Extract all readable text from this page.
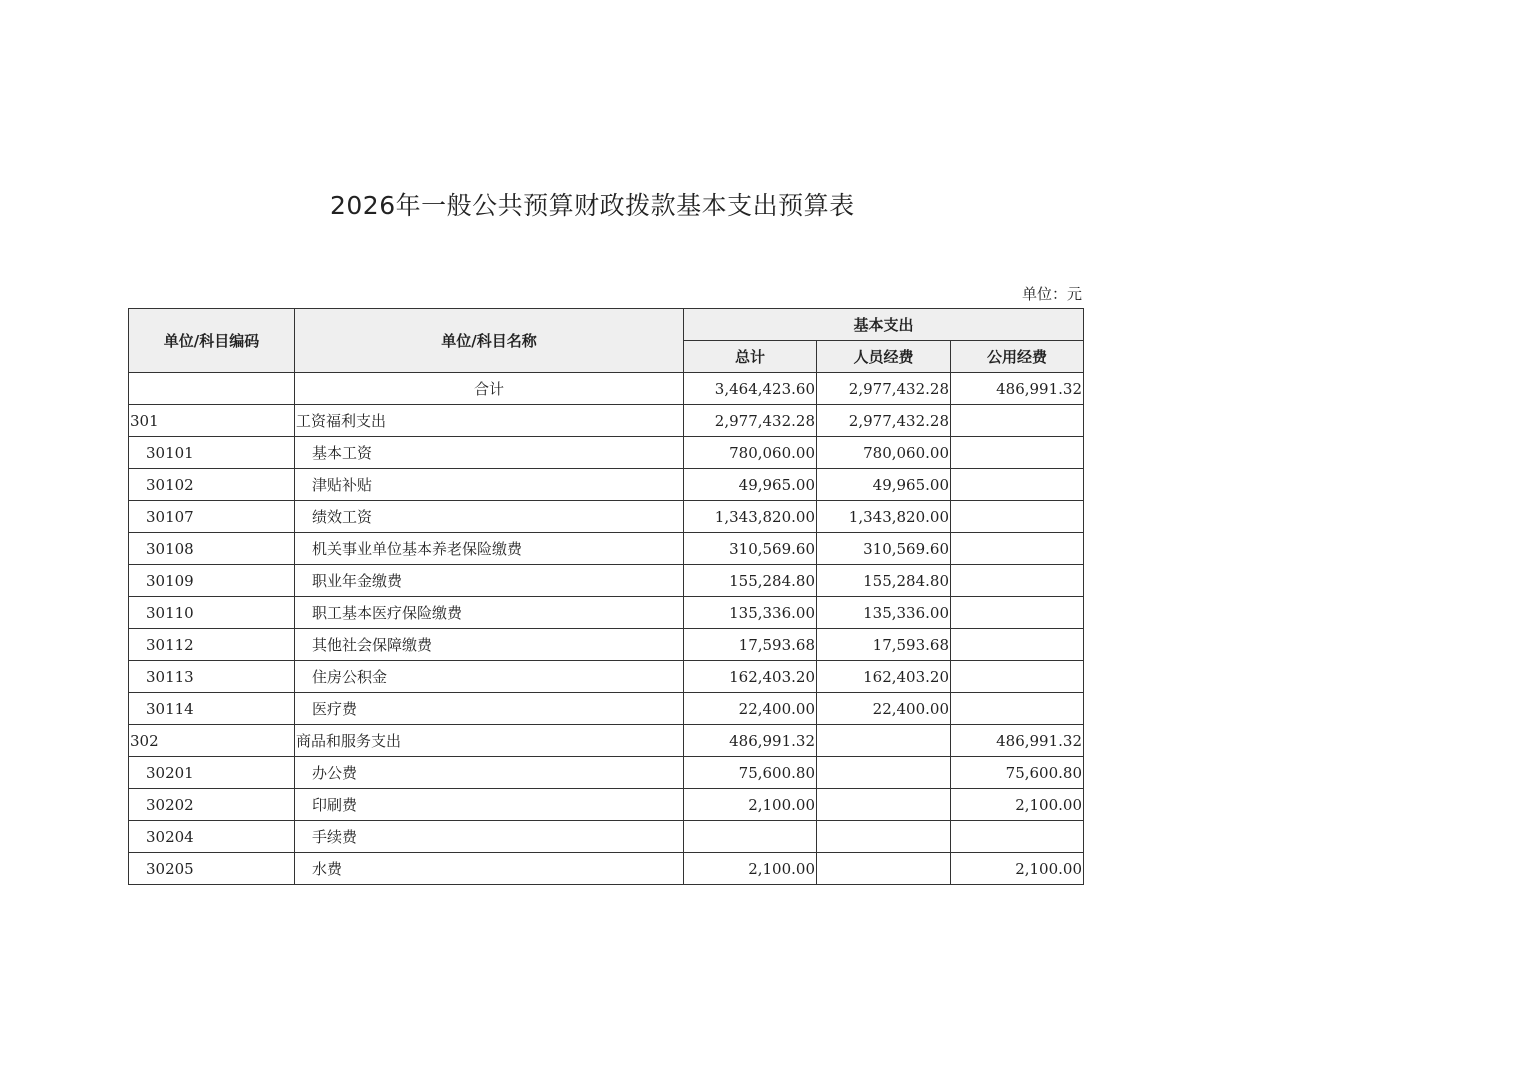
2026年一般公共预算财政拨款基本支出预算表
单位：元
单位/科目编码	单位/科目名称	基本支出		
		总计	人员经费	公用经费
	合计	3,464,423.60	2,977,432.28	486,991.32
301	工资福利支出	2,977,432.28	2,977,432.28	
30101	基本工资	780,060.00	780,060.00	
30102	津贴补贴	49,965.00	49,965.00	
30107	绩效工资	1,343,820.00	1,343,820.00	
30108	机关事业单位基本养老保险缴费	310,569.60	310,569.60	
30109	职业年金缴费	155,284.80	155,284.80	
30110	职工基本医疗保险缴费	135,336.00	135,336.00	
30112	其他社会保障缴费	17,593.68	17,593.68	
30113	住房公积金	162,403.20	162,403.20	
30114	医疗费	22,400.00	22,400.00	
302	商品和服务支出	486,991.32		486,991.32
30201	办公费	75,600.80		75,600.80
30202	印刷费	2,100.00		2,100.00
30204	手续费			
30205	水费	2,100.00		2,100.00
